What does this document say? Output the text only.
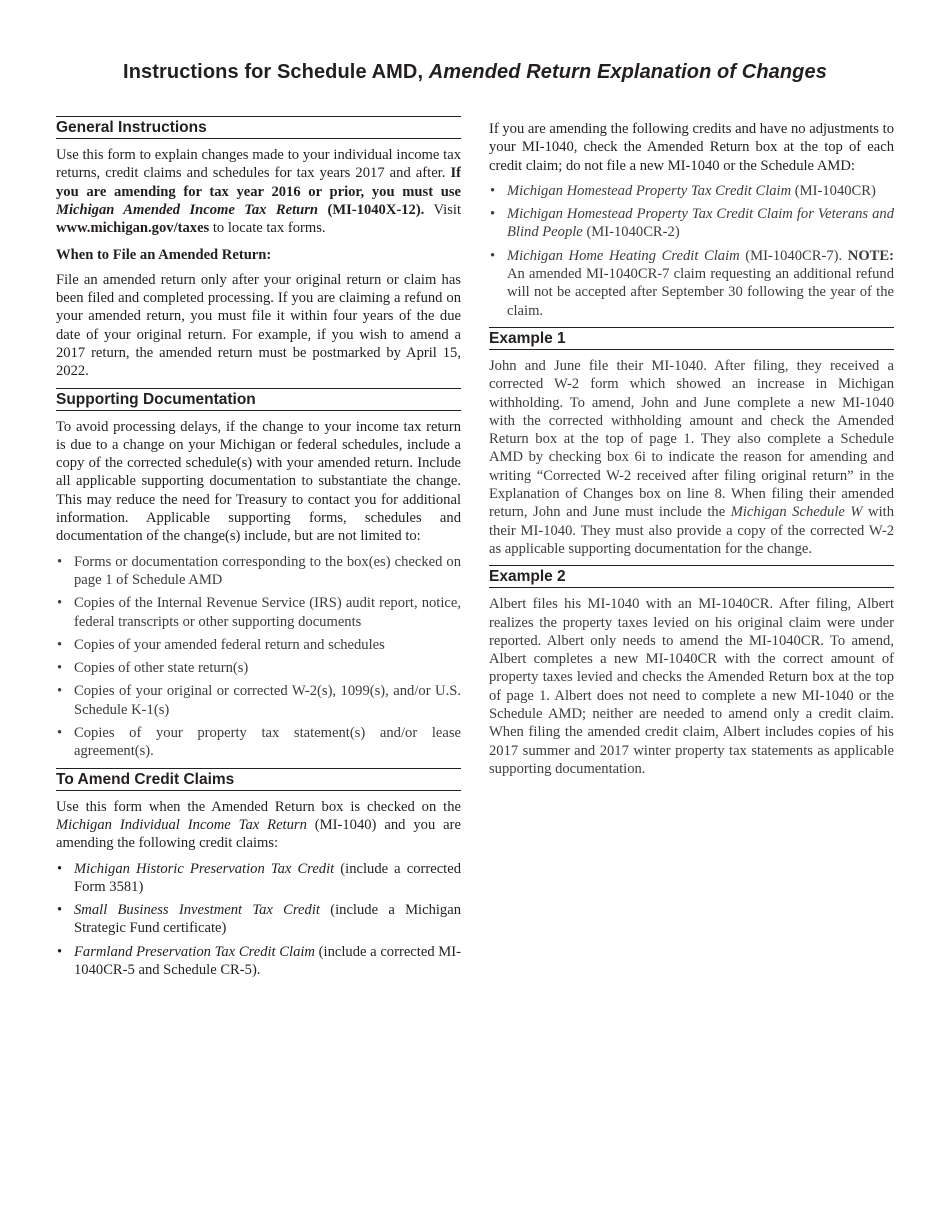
Instructions for Schedule AMD, Amended Return Explanation of Changes
General Instructions

Use this form to explain changes made to your individual income tax returns, credit claims and schedules for tax years 2017 and after. If you are amending for tax year 2016 or prior, you must use Michigan Amended Income Tax Return (MI-1040X-12). Visit www.michigan.gov/taxes to locate tax forms.

When to File an Amended Return:

File an amended return only after your original return or claim has been filed and completed processing. If you are claiming a refund on your amended return, you must file it within four years of the due date of your original return. For example, if you wish to amend a 2017 return, the amended return must be postmarked by April 15, 2022.

Supporting Documentation

To avoid processing delays, if the change to your income tax return is due to a change on your Michigan or federal schedules, include a copy of the corrected schedule(s) with your amended return. Include all applicable supporting documentation to substantiate the change. This may reduce the need for Treasury to contact you for additional information. Applicable supporting forms, schedules and documentation of the change(s) include, but are not limited to:

• Forms or documentation corresponding to the box(es) checked on page 1 of Schedule AMD
• Copies of the Internal Revenue Service (IRS) audit report, notice, federal transcripts or other supporting documents
• Copies of your amended federal return and schedules
• Copies of other state return(s)
• Copies of your original or corrected W-2(s), 1099(s), and/or U.S. Schedule K-1(s)
• Copies of your property tax statement(s) and/or lease agreement(s).
To Amend Credit Claims

Use this form when the Amended Return box is checked on the Michigan Individual Income Tax Return (MI-1040) and you are amending the following credit claims:

• Michigan Historic Preservation Tax Credit (include a corrected Form 3581)
• Small Business Investment Tax Credit (include a Michigan Strategic Fund certificate)
• Farmland Preservation Tax Credit Claim (include a corrected MI-1040CR-5 and Schedule CR-5).

If you are amending the following credits and have no adjustments to your MI-1040, check the Amended Return box at the top of each credit claim; do not file a new MI-1040 or the Schedule AMD:

• Michigan Homestead Property Tax Credit Claim (MI-1040CR)
• Michigan Homestead Property Tax Credit Claim for Veterans and Blind People (MI-1040CR-2)
• Michigan Home Heating Credit Claim (MI-1040CR-7). NOTE: An amended MI-1040CR-7 claim requesting an additional refund will not be accepted after September 30 following the year of the claim.
Example 1

John and June file their MI-1040. After filing, they received a corrected W-2 form which showed an increase in Michigan withholding. To amend, John and June complete a new MI-1040 with the corrected withholding amount and check the Amended Return box at the top of page 1. They also complete a Schedule AMD by checking box 6i to indicate the reason for amending and writing “Corrected W-2 received after filing original return” in the Explanation of Changes box on line 8. When filing their amended return, John and June must include the Michigan Schedule W with their MI-1040. They must also provide a copy of the corrected W-2 as applicable supporting documentation for the change.

Example 2

Albert files his MI-1040 with an MI-1040CR. After filing, Albert realizes the property taxes levied on his original claim were under reported. Albert only needs to amend the MI-1040CR. To amend, Albert completes a new MI-1040CR with the correct amount of property taxes levied and checks the Amended Return box at the top of page 1. Albert does not need to complete a new MI-1040 or the Schedule AMD; neither are needed to amend only a credit claim. When filing the amended credit claim, Albert includes copies of his 2017 summer and 2017 winter property tax statements as applicable supporting documentation.
